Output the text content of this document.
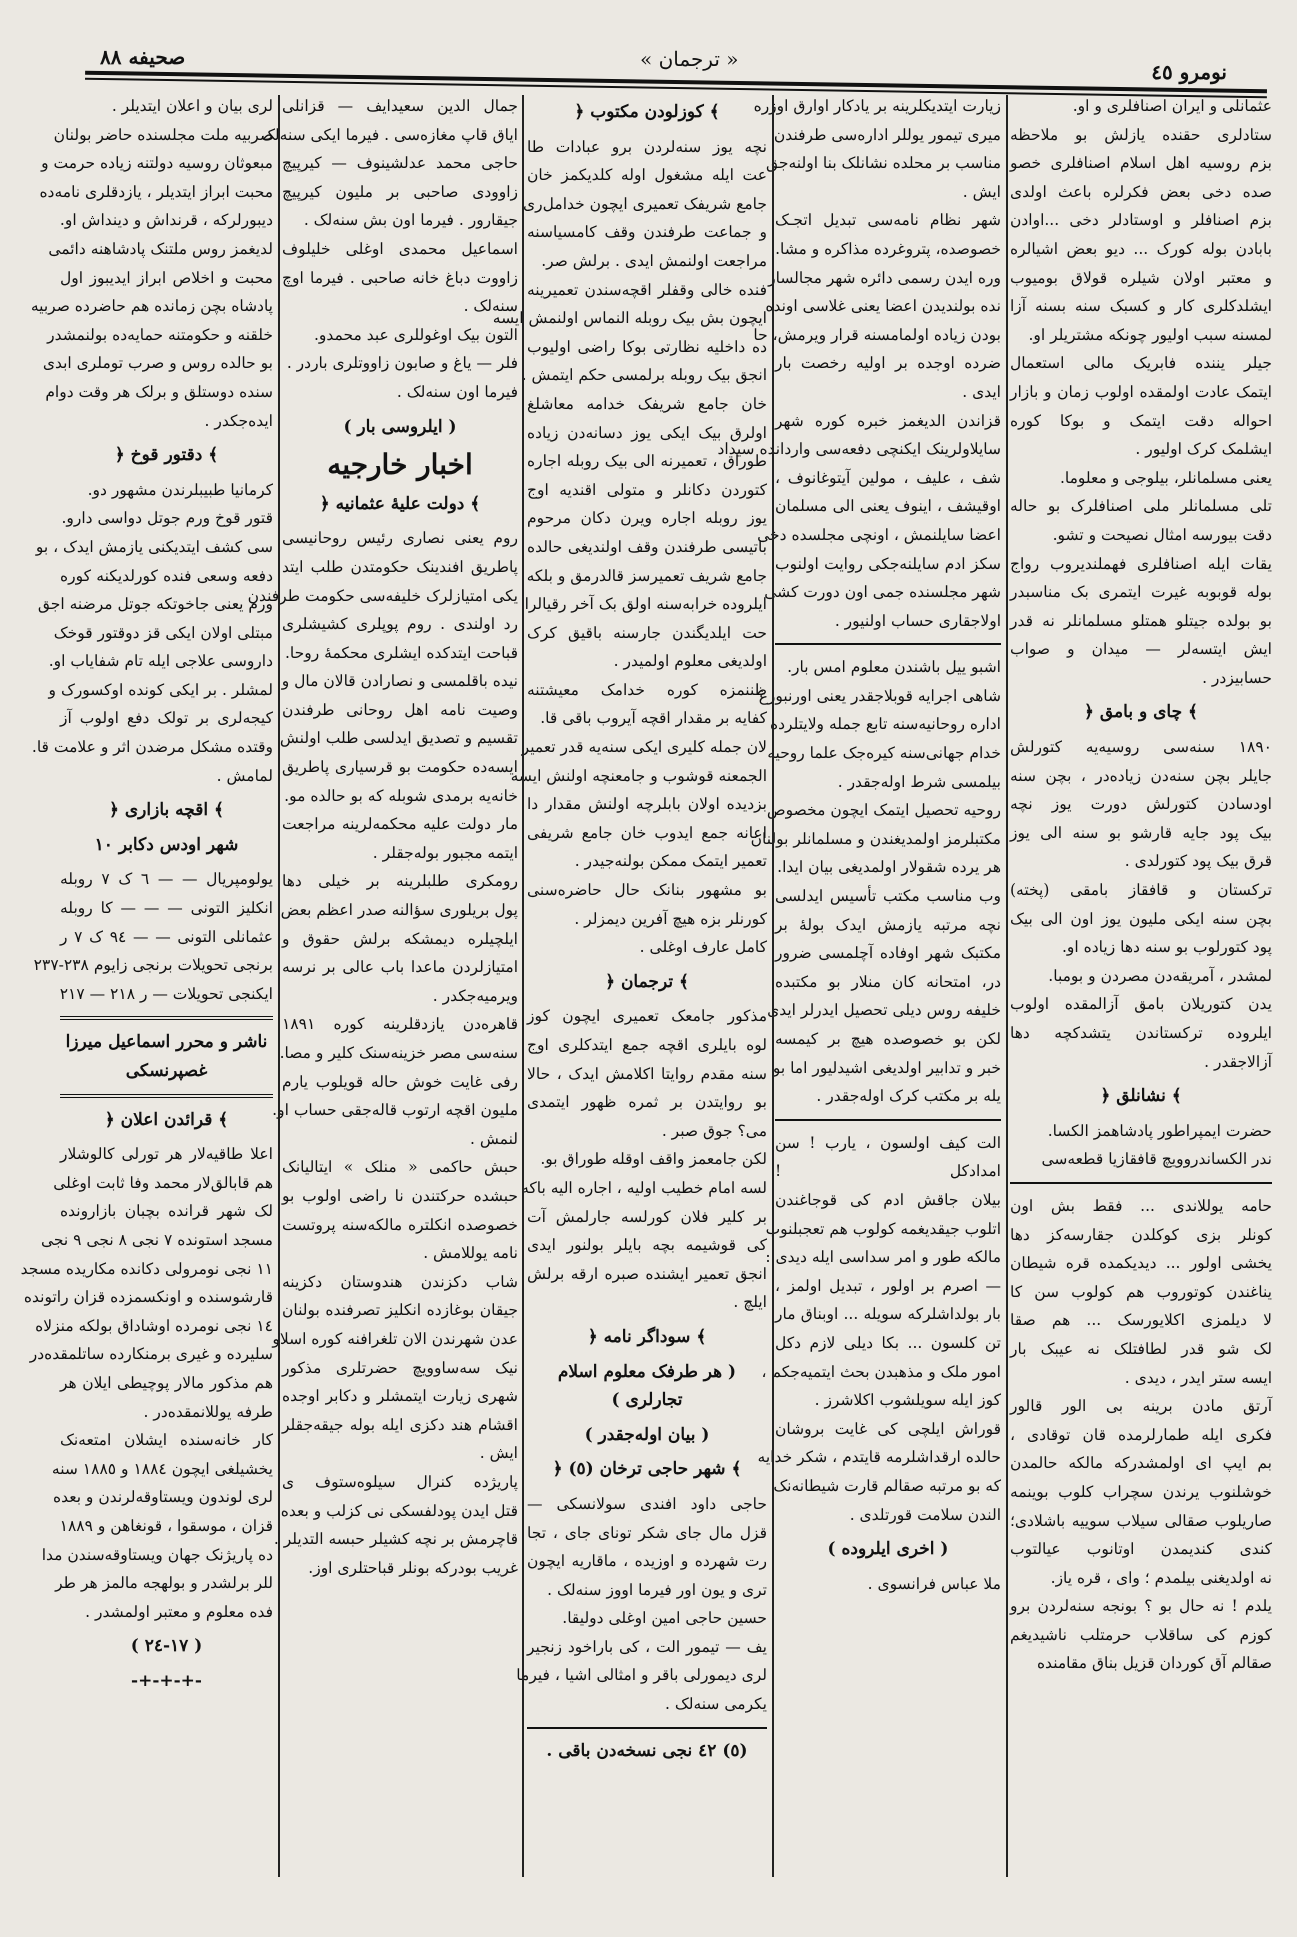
صحیفه ٨٨	« ترجمان »
نومرو ٤٥

عثمانلی و ایران اصنافلری و او.

ستادلری حقنده یازلش بو ملاحظه

بزم روسیه اهل اسلام اصنافلری خصو

صده دخی بعض فکرلره باعث اولدی

بزم اصنافلر و اوستادلر دخی ...اوادن

بابادن بوله کورک ... دیو بعض اشیالره

و معتبر اولان شیلره قولاق بومیوب

ایشلدکلری کار و کسبک سنه بسنه آزا

لمسنه سبب اولیور چونکه مشتریلر او.

جیلر یننده فابریک مالی استعمال

ایتمک عادت اولمقده اولوب زمان و بازار

احواله دقت ایتمک و بوکا کوره

ایشلمک کرک اولیور .

یعنی مسلمانلر، بیلوجی و معلوما.

تلی مسلمانلر ملی اصنافلرک بو حاله

دقت بیورسه امثال نصیحت و تشو.

یقات ایله اصنافلری فهملندیروب رواج

بوله قوبوبه غیرت ایتمری بک مناسبدر

بو بولده جیتلو همتلو مسلمانلر نه قدر

ایش ایتسه‌لر — میدان و صواب

حسابیزدر .

﴾ چای و بامق ﴿

١٨٩٠ سنه‌سی روسیه‌یه کتورلش

جایلر بچن سنه‌دن زیاده‌در ، بچن سنه

اودسادن کتورلش دورت یوز نچه

بیک پود جایه قارشو بو سنه الی یوز

قرق بیک پود کتورلدی .

ترکستان و قافقاز بامقی (پخته)

بچن سنه ایکی ملیون یوز اون الی بیک

پود کتورلوب بو سنه دها زیاده او.

لمشدر ، آمریقه‌دن مصردن و بومبا.

یدن کتوریلان بامق آزالمقده اولوب

ایلروده ترکستاندن یتشدکچه دها

آزالاجقدر .

﴾ نشانلق ﴿

حضرت ایمپراطور پادشاهمز الکسا.

ندر الکساندروویچ قافقازیا قطعه‌سی

حامه یوللاندی ... فقط بش اون

کونلر بزی کوکلدن جقارسه‌کز دها

یخشی اولور ... دیدیکمده قره شیطان

یناغندن کوتوروب هم کولوب سن کا

لا دیلمزی اکلایورسک ... هم صقا

لک شو قدر لطافتلک نه عیبک بار

ایسه ستر ایدر ، دیدی .

آرتق مادن برینه بی الور قالور

فکری ایله طمارلرمده قان توقادی ،

بم ایپ ای اولمشدرکه مالکه حالمدن

خوشلنوب یرندن سچراب کلوب بوینمه

صاریلوب صقالی سیلاب سوییه باشلادی؛

کندی کندیمدن اوتانوب عیالتوب

نه اولدیغنی بیلمدم ؛ وای ، قره یاز.

یلدم ! نه حال بو ؟ بونجه سنه‌لردن برو

کوزم کی ساقلاب حرمتلب ناشیدیغم

صقالم آق کوردان قزیل بناق مقامنده

زیارت ایتدیکلرینه بر یادکار اوارق اوزره

میری تیمور یوللر اداره‌سی طرفندن

مناسب بر محلده نشانلک بنا اولنه‌جق

ایش .

شهر نظام نامه‌سی تبدیل اتجـک

خصوصده، پتروغرده مذاکره و مشا.

وره ایدن رسمی دائره شهر مجالسار

نده بولندیدن اعضا یعنی غلاسی اونده

بودن زیاده اولمامسنه قرار ویرمش، حا

ضرده اوجده بر اولیه رخصت بار

ایدی .

قزاندن الدیغمز خبره کوره شهر

سایلاولرینک ایکنچی دفعه‌سی واردانده سیداد

شف ، علیف ، مولین آیتوغانوف ،

اوقیشف ، اینوف یعنی الی مسلمان

اعضا سایلنمش ، اونچی مجلسده دخی

سکز ادم سایلنه‌جکی روایت اولنوب

شهر مجلسنده جمی اون دورت کشی

اولاجقاری حساب اولنیور .

اشبو ییل باشندن معلوم امس بار.

شاهی اجرایه قوبلاجقدر یعنی اورنبورغ

اداره روحانیه‌سنه تابع جمله ولایتلرده

خدام جهانی‌سنه کیره‌جک علما روحیه

بیلمسی شرط اوله‌جقدر .

روحیه تحصیل ایتمک ایچون مخصوص

مکتبلرمز اولمدیغندن و مسلمانلر بولنان

هر یرده شقولار اولمدیغی بیان ایدا.

وب مناسب مکتب تأسیس ایدلسی

نچه مرتبه یازمش ایدک بولهٔ بر

مکتبک شهر اوفاده آچلمسی ضرور

در، امتحانه کان منلار بو مکتبده

خلیفه روس دیلی تحصیل ایدرلر ایدی

لکن بو خصوصده هیچ بر کیمسه

خبر و تدابیر اولدیغی اشیدلیور اما بو

یله بر مکتب کرک اوله‌جقدر .

الت کیف اولسون ، یارب ! سن

امدادکل !

بیلان جاقش ادم کی قوجاغندن

اتلوب جیقدیغمه کولوب هم تعجبلنوب

مالکه طور و امر سداسی ایله دیدی :

— اصرم بر اولور ، تبدیل اولمز ،

بار بولداشلرکه سویله ... اوبناق مار

تن کلسون ... بکا دیلی لازم دکل

امور ملک و مذهبدن بحث ایتمیه‌جکم ،

کوز ایله سویلشوب اکلاشرز .

قوراش ایلچی کی غایت بروشان

حالده ارقداشلرمه قایتدم ، شکر خدایه

که بو مرتبه صقالم قارت شیطانه‌نک

الندن سلامت قورتلدی .

( اخری ایلروده )

ملا عباس فرانسوی .

﴾ کوزلودن مکتوب ﴿

نچه یوز سنه‌لردن برو عبادات طا

عت ایله مشغول اوله کلدیکمز خان

جامع شریفک تعمیری ایچون خدامل‌ری

و جماعت طرفندن وقف کامسیاسنه

مراجعت اولنمش ایدی . برلش صر.

فنده خالی وقفلر اقچه‌سندن تعمیرینه

ایچون بش بیک روبله النماس اولنمش ایسه

ده داخلیه نظارتی بوکا راضی اولیوب

انجق بیک روبله برلمسی حکم ایتمش .

خان جامع شریفک خدامه معاشلغ

اولرق بیک ایکی یوز دسانه‌دن زیاده

طوراق ، تعمیرنه الی بیک روبله اجاره

کتوردن دکانلر و متولی اقندیه اوج

یوز روبله اجاره ویرن دکان مرحوم

باتیسی طرفندن وقف اولندیغی حالده

جامع شریف تعمیرسز قالدرمق و بلکه

ایلروده خرابه‌سنه اولق بک آخر رقیالرا

حت ایلدیگندن جارسنه باقیق کرک

اولدیغی معلوم اولمیدر .

ظننمزه کوره خدامک معیشتنه

کفایه بر مقدار اقچه آیروب باقی قا.

لان جمله کلیری ایکی سنه‌یه قدر تعمیر

الجمعنه قوشوب و جامعنچه اولنش ایسه

بزدیده اولان بابلرچه اولنش مقدار دا

اعانه جمع ایدوب خان جامع شریفی

تعمیر ایتمک ممکن بولنه‌جیدر .

بو مشهور بنانک حال حاضره‌سنی

کورنلر بزه هیچ آفرین دیمزلر .

کامل عارف اوغلی .

﴾ ترجمان ﴿

مذکور جامعک تعمیری ایچون کوز

لوه بایلری اقچه جمع ایتدکلری اوج

سنه مقدم روایتا اکلامش ایدک ، حالا

بو روایتدن بر ثمره ظهور ایتمدی

می؟ جوق صبر .

لکن جامعمز واقف اوقله طوراق بو.

لسه امام خطیب اولیه ، اجاره الیه باکه

بر کلیر فلان کورلسه جارلمش آت

کی قوشیمه بچه بایلر بولنور ایدی

انجق تعمیر ایشنده صبره ارقه برلش

ایلچ .

﴾ سوداگر نامه ﴿
( هر طرفک معلوم اسلام تجارلری )
( بیان اوله‌جقدر )
﴾ شهر حاجی ترخان (٥) ﴿

حاجی داود افندی سولانسکی —

قزل مال جای شکر تونای جای ، تجا

رت شهرده و اوزیده ، ماقاریه ایچون

تری و یون اور فیرما اووز سنه‌لک .

حسین حاجی امین اوغلی دولیقا.

یف — تیمور الت ، کی باراخود زنجیر

لری دیمورلی باقر و امثالی اشیا ، فیرما

یکرمی سنه‌لک .

(٥) ٤٢ نجی نسخه‌دن باقی .

جمال الدین سعیدایف — قزانلی

ایاق قاپ مغازه‌سی . فیرما ایکی سنه‌لک

حاجی محمد عدلشینوف — کیرپیچ

زاوودی صاحبی بر ملیون کیرپیچ

جیقارور . فیرما اون بش سنه‌لک .

اسماعیل محمدی اوغلی خلیلوف

زاووت دباغ خانه صاحبی . فیرما اوچ

سنه‌لک .

التون بیک اوغوللری عبد محمدو.

فلر — یاغ و صابون زاووتلری باردر .

فیرما اون سنه‌لک .

( ایلروسی بار )
اخبار خارجیه
﴾ دولت علیهٔ عثمانیه ﴿

روم یعنی نصاری رئیس روحانیسی

پاطریق افندینک حکومتدن طلب ایتد

یکی امتیازلرک خلیفه‌سی حکومت طرفندن

رد اولندی . روم پوپلری کشیشلری

قباحت ایتدکده ایشلری محکمهٔ روحا.

نیده باقلمسی و نصارادن قالان مال و

وصیت نامه اهل روحانی طرفندن

تقسیم و تصدیق ایدلسی طلب اولنش

ایسه‌ده حکومت بو قرسیاری پاطریق

خانه‌یه برمدی شوبله که بو حالده مو.

مار دولت علیه محکمه‌لرینه مراجعت

ایتمه مجبور بوله‌جقلر .

رومکری طلبلرینه بر خیلی دها

پول بریلوری سؤالنه صدر اعظم بعض

ایلچیلره دیمشکه برلش حقوق و

امتیازلردن ماعدا باب عالی بر نرسه

ویرمیه‌جکدر .

قاهره‌دن یازدقلرینه کوره ١٨٩١

سنه‌سی مصر خزینه‌سنک کلیر و مصا.

رفی غایت خوش حاله قویلوب یارم

ملیون اقچه ارتوب قاله‌جقی حساب او.

لنمش .

حبش حاکمی « منلک » ایتالیانک

حبشده حرکتندن نا راضی اولوب بو

خصوصده انکلتره مالکه‌سنه پروتست

نامه یوللامش .

شاب دکزندن هندوستان دکزینه

جیقان بوغازده انکلیز تصرفنده بولنان

عدن شهرندن الان تلغرافنه کوره اسلاو

نیک سه‌ساوویچ حضرتلری مذکور

شهری زیارت ایتمشلر و دکابر اوجده

اقشام هند دکزی ایله بوله جیقه‌جقلر

ایش .

پاریژده کنرال سیلوه‌ستوف ی

قتل ایدن پودلفسکی نی کزلب و بعده

قاچرمش بر نچه کشیلر حبسه التدیلر .

غریب بودرکه بونلر قباحتلری اوز.

لری بیان و اعلان ایتدیلر .

صربیه ملت مجلسنده حاضر بولنان

مبعوثان روسیه دولتنه زیاده حرمت و

محبت ابراز ایتدیلر ، یازدقلری نامه‌ده

دیبورلرکه ، قرنداش و دینداش او.

لدیغمز روس ملتنک پادشاهنه دائمی

محبت و اخلاص ابراز ایدیبوز اول

پادشاه بچن زمانده هم حاضرده صربیه

خلقنه و حکومتنه حمایه‌ده بولنمشدر

بو حالده روس و صرب توملری ابدی

سنده دوستلق و برلک هر وقت دوام

ایده‌جکدر .

﴾ دقتور قوخ ﴿

کرمانیا طبیبلرندن مشهور دو.

قتور قوخ ورم جوتل دواسی دارو.

سی کشف ایتدیکنی یازمش ایدک ، بو

دفعه وسعی فنده کورلدیکنه کوره

ورم یعنی جاخوتکه جوتل مرضنه اجق

مبتلی اولان ایکی قز دوقتور قوخک

داروسی علاجی ایله تام شفایاب او.

لمشلر . بر ایکی کونده اوکسورک و

کیجه‌لری بر تولک دفع اولوب آز

وقتده مشکل مرضدن اثر و علامت قا.

لمامش .

﴾ اقچه بازاری ﴿
شهر اودس دکابر ١٠

یولومپریال — — ٦ ک ٧ روبله

انکلیز التونی — — — کا روبله

عثمانلی التونی — — ٩٤ ک ٧ ر

برنجی تحویلات برنجی زایوم ٢٣٨-٢٣٧

ایکنجی تحویلات — ر ٢١٨ — ٢١٧

ناشر و محرر اسماعیل میرزا غصپرنسکی
﴾ قرائدن اعلان ﴿

اعلا طاقیه‌لار هر تورلی کالوشلار

هم قابالق‌لار محمد وفا ثابت اوغلی

لک شهر قرانده بچبان بازارونده

مسجد استونده ٧ نجی ٨ نجی ٩ نجی

١١ نجی نومرولی دکانده مکاریده مسجد

قارشوسنده و اونکسمزده قزان راتونده

١٤ نجی نومرده اوشاداق بولکه منزلاه

سلیرده و غیری برمنکارده ساتلمقده‌در

هم مذکور مالار پوچیطی ایلان هر

طرفه یوللانمقده‌در .

کار خانه‌سنده ایشلان امتعه‌نک

یخشیلغی ایچون ١٨٨٤ و ١٨٨٥ سنه

لری لوندون ویستاوقه‌لرندن و بعده

قزان ، موسقوا ، قونغاهن و ١٨٨٩

ده پاریژنک جهان ویستاوقه‌سندن مدا

للر برلشدر و بولهجه مالمز هر طر

فده معلوم و معتبر اولمشدر .

( ١٧-٢٤ )
-+-+-+-
